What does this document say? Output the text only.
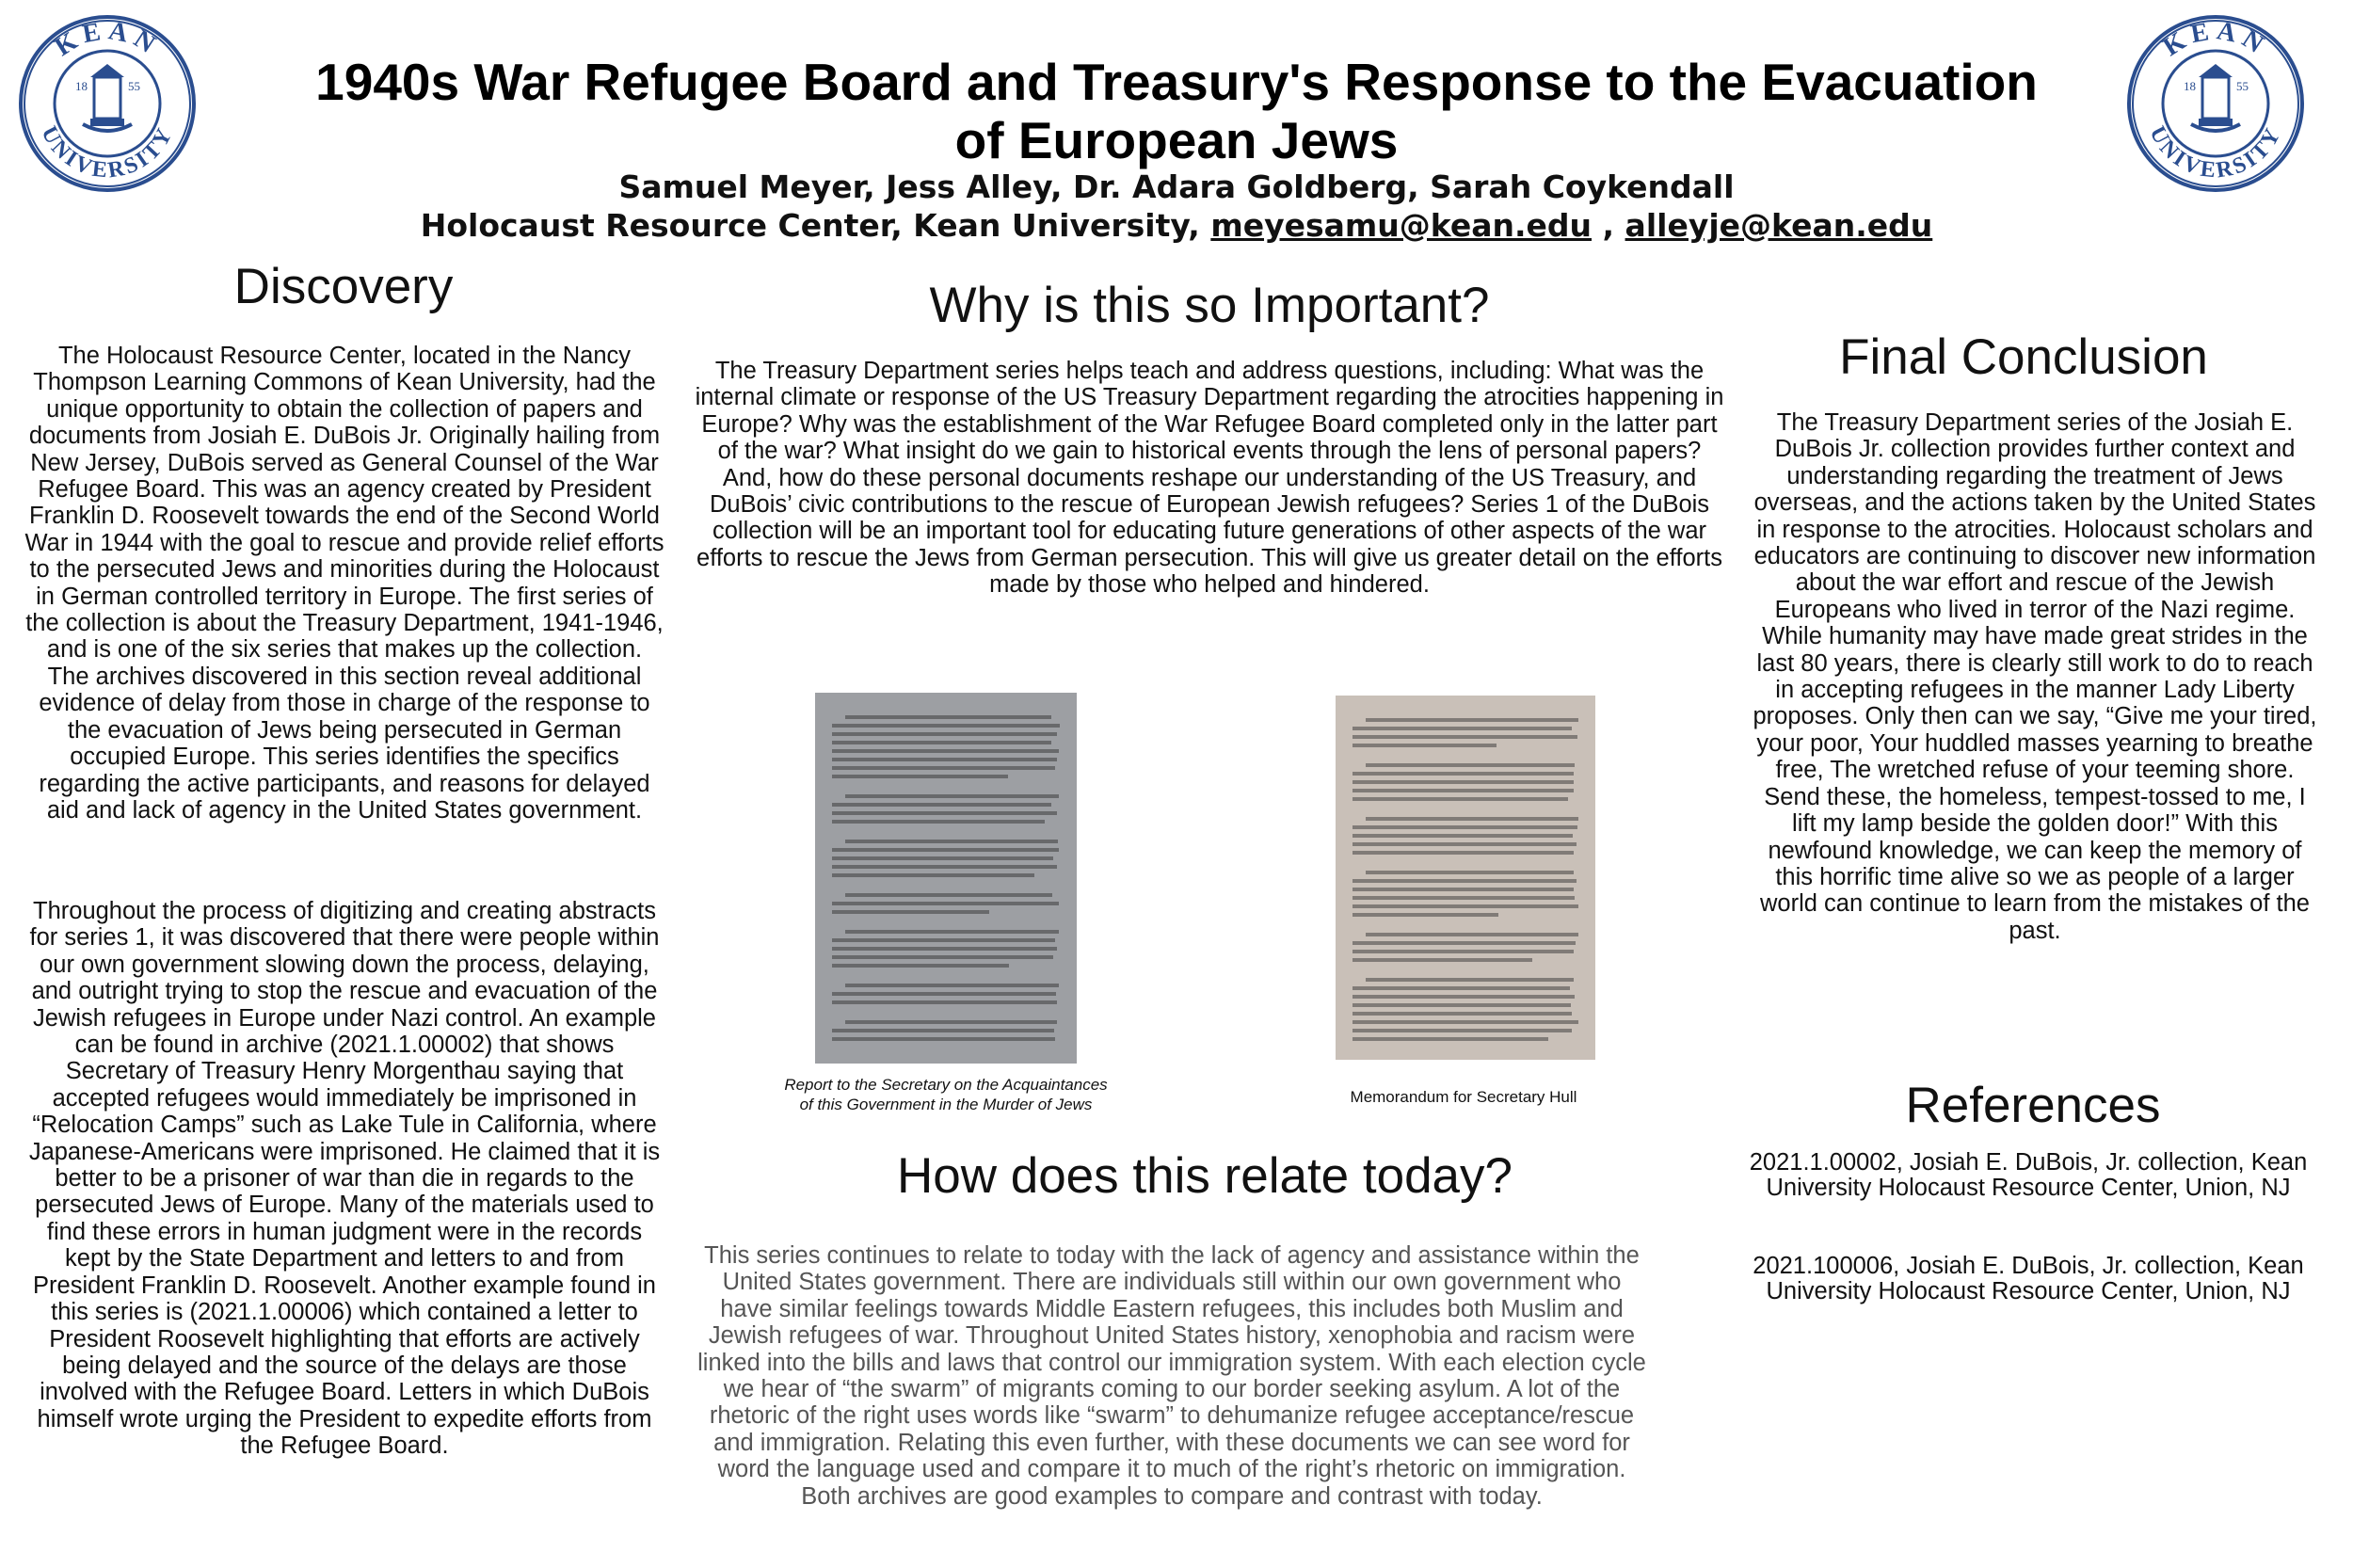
KEAN
UNIVERSITY
18	55
KEAN
UNIVERSITY
18	55
1940s War Refugee Board and Treasury's Response to the Evacuation
of European Jews
Samuel Meyer, Jess Alley, Dr. Adara Goldberg, Sarah Coykendall
Holocaust Resource Center, Kean University, meyesamu@kean.edu , alleyje@kean.edu
Discovery
The Holocaust Resource Center, located in the Nancy Thompson Learning Commons of Kean University, had the unique opportunity to obtain the collection of papers and documents from Josiah E. DuBois Jr. Originally hailing from New Jersey, DuBois served as General Counsel of the War Refugee Board. This was an agency created by President Franklin D. Roosevelt towards the end of the Second World War in 1944 with the goal to rescue and provide relief efforts to the persecuted Jews and minorities during the Holocaust in German controlled territory in Europe. The first series of the collection is about the Treasury Department, 1941-1946, and is one of the six series that makes up the collection. The archives discovered in this section reveal additional evidence of delay from those in charge of the response to the evacuation of Jews being persecuted in German occupied Europe. This series identifies the specifics regarding the active participants, and reasons for delayed aid and lack of agency in the United States government.
Throughout the process of digitizing and creating abstracts for series 1, it was discovered that there were people within our own government slowing down the process, delaying, and outright trying to stop the rescue and evacuation of the Jewish refugees in Europe under Nazi control. An example can be found in archive (2021.1.00002) that shows Secretary of Treasury Henry Morgenthau saying that accepted refugees would immediately be imprisoned in “Relocation Camps” such as Lake Tule in California, where Japanese-Americans were imprisoned. He claimed that it is better to be a prisoner of war than die in regards to the persecuted Jews of Europe. Many of the materials used to find these errors in human judgment were in the records kept by the State Department and letters to and from President Franklin D. Roosevelt. Another example found in this series is (2021.1.00006) which contained a letter to President Roosevelt highlighting that efforts are actively being delayed and the source of the delays are those involved with the Refugee Board. Letters in which DuBois himself wrote urging the President to expedite efforts from the Refugee Board.
Why is this so Important?
The Treasury Department series helps teach and address questions, including: What was the internal climate or response of the US Treasury Department regarding the atrocities happening in Europe? Why was the establishment of the War Refugee Board completed only in the latter part of the war? What insight do we gain to historical events through the lens of personal papers? And, how do these personal documents reshape our understanding of the US Treasury, and DuBois’ civic contributions to the rescue of European Jewish refugees? Series 1 of the DuBois collection will be an important tool for educating future generations of other aspects of the war efforts to rescue the Jews from German persecution. This will give us greater detail on the efforts made by those who helped and hindered.
Report to the Secretary on the Acquaintances
of this Government in the Murder of Jews	Memorandum for Secretary Hull
How does this relate today?
This series continues to relate to today with the lack of agency and assistance within the United States government. There are individuals still within our own government who have similar feelings towards Middle Eastern refugees, this includes both Muslim and Jewish refugees of war. Throughout United States history, xenophobia and racism were linked into the bills and laws that control our immigration system. With each election cycle we hear of “the swarm” of migrants coming to our border seeking asylum. A lot of the rhetoric of the right uses words like “swarm” to dehumanize refugee acceptance/rescue and immigration. Relating this even further, with these documents we can see word for word the language used and compare it to much of the right’s rhetoric on immigration. Both archives are good examples to compare and contrast with today.
Final Conclusion
The Treasury Department series of the Josiah E. DuBois Jr. collection provides further context and understanding regarding the treatment of Jews overseas, and the actions taken by the United States in response to the atrocities. Holocaust scholars and educators are continuing to discover new information about the war effort and rescue of the Jewish Europeans who lived in terror of the Nazi regime. While humanity may have made great strides in the last 80 years, there is clearly still work to do to reach in accepting refugees in the manner Lady Liberty proposes. Only then can we say, “Give me your tired, your poor, Your huddled masses yearning to breathe free, The wretched refuse of your teeming shore. Send these, the homeless, tempest-tossed to me, I lift my lamp beside the golden door!” With this newfound knowledge, we can keep the memory of this horrific time alive so we as people of a larger world can continue to learn from the mistakes of the past.
References
2021.1.00002, Josiah E. DuBois, Jr. collection, Kean University Holocaust Resource Center, Union, NJ
2021.100006, Josiah E. DuBois, Jr. collection, Kean University Holocaust Resource Center, Union, NJ
